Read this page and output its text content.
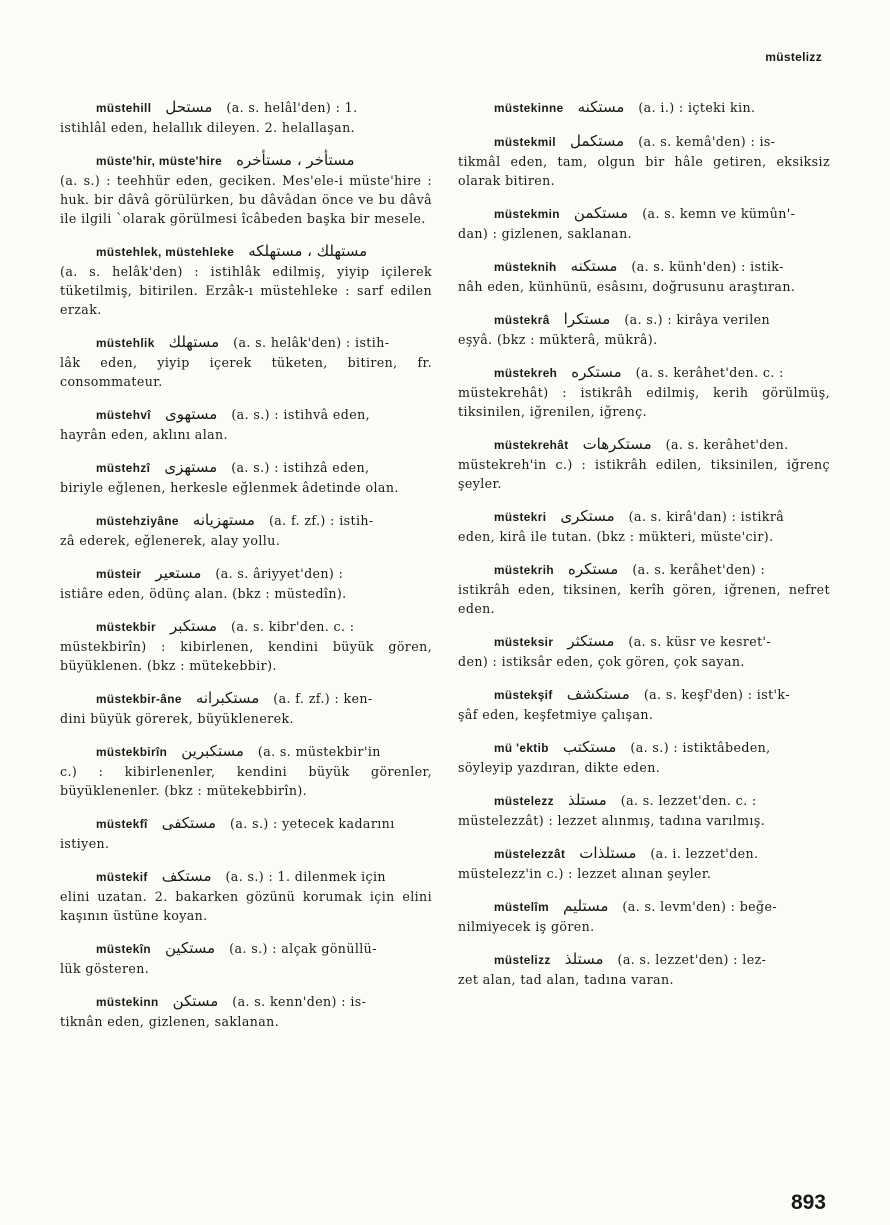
müstelizz
müstehill مستحل (a. s. helâl'den) : 1.
istihlâl eden, helallık dileyen. 2. helallaşan.
müste'hir, müste'hire مستأخر ، مستأخره
(a. s.) : teehhür eden, geciken. Mes'ele-i müste'hire : huk. bir dâvâ görülürken, bu dâvâdan önce ve bu dâvâ ile ilgili `olarak görülmesi îcâbeden başka bir mesele.
müstehlek, müstehleke مستهلك ، مستهلكه
(a. s. helâk'den) : istihlâk edilmiş, yiyip içilerek tüketilmiş, bitirilen. Erzâk-ı müstehleke : sarf edilen erzak.
müstehlik مستهلك (a. s. helâk'den) : istih-
lâk eden, yiyip içerek tüketen, bitiren, fr. consommateur.
müstehvî مستهوى (a. s.) : istihvâ eden,
hayrân eden, aklını alan.
müstehzî مستهزى (a. s.) : istihzâ eden,
biriyle eğlenen, herkesle eğlenmek âdetinde olan.
müstehziyâne مستهزيانه (a. f. zf.) : istih-
zâ ederek, eğlenerek, alay yollu.
müsteir مستعير (a. s. âriyyet'den) :
istiâre eden, ödünç alan. (bkz : müstedîn).
müstekbir مستكبر (a. s. kibr'den. c. :
müstekbirîn) : kibirlenen, kendini büyük gören, büyüklenen. (bkz : mütekebbir).
müstekbir-âne مستكبرانه (a. f. zf.) : ken-
dini büyük görerek, büyüklenerek.
müstekbirîn مستكبرين (a. s. müstekbir'in
c.) : kibirlenenler, kendini büyük görenler, büyüklenenler. (bkz : mütekebbirîn).
müstekfî مستكفى (a. s.) : yetecek kadarını
istiyen.
müstekif مستكف (a. s.) : 1. dilenmek için
elini uzatan. 2. bakarken gözünü korumak için elini kaşının üstüne koyan.
müstekîn مستكين (a. s.) : alçak gönüllü-
lük gösteren.
müstekinn مستكن (a. s. kenn'den) : is-
tiknân eden, gizlenen, saklanan.
müstekinne مستكنه (a. i.) : içteki kin.
müstekmil مستكمل (a. s. kemâ'den) : is-
tikmâl eden, tam, olgun bir hâle getiren, eksiksiz olarak bitiren.
müstekmin مستكمن (a. s. kemn ve kümûn'-
dan) : gizlenen, saklanan.
müsteknih مستكنه (a. s. künh'den) : istik-
nâh eden, künhünü, esâsını, doğrusunu araştıran.
müstekrâ مستكرا (a. s.) : kirâya verilen
eşyâ. (bkz : mükterâ, mükrâ).
müstekreh مستكره (a. s. kerâhet'den. c. :
müstekrehât) : istikrâh edilmiş, kerih görülmüş, tiksinilen, iğrenilen, iğrenç.
müstekrehât مستكرهات (a. s. kerâhet'den.
müstekreh'in c.) : istikrâh edilen, tiksinilen, iğrenç şeyler.
müstekri مستكرى (a. s. kirâ'dan) : istikrâ
eden, kirâ ile tutan. (bkz : mükteri, müste'cir).
müstekrih مستكره (a. s. kerâhet'den) :
istikrâh eden, tiksinen, kerîh gören, iğrenen, nefret eden.
müsteksir مستكثر (a. s. küsr ve kesret'-
den) : istiksâr eden, çok gören, çok sayan.
müstekşif مستكشف (a. s. keşf'den) : ist'k-
şâf eden, keşfetmiye çalışan.
mü 'ektib مستكتب (a. s.) : istiktâbeden,
söyleyip yazdıran, dikte eden.
müstelezz مستلذ (a. s. lezzet'den. c. :
müstelezzât) : lezzet alınmış, tadına varılmış.
müstelezzât مستلذات (a. i. lezzet'den.
müstelezz'in c.) : lezzet alınan şeyler.
müstelîm مستليم (a. s. levm'den) : beğe-
nilmiyecek iş gören.
müstelizz مستلذ (a. s. lezzet'den) : lez-
zet alan, tad alan, tadına varan.
893
